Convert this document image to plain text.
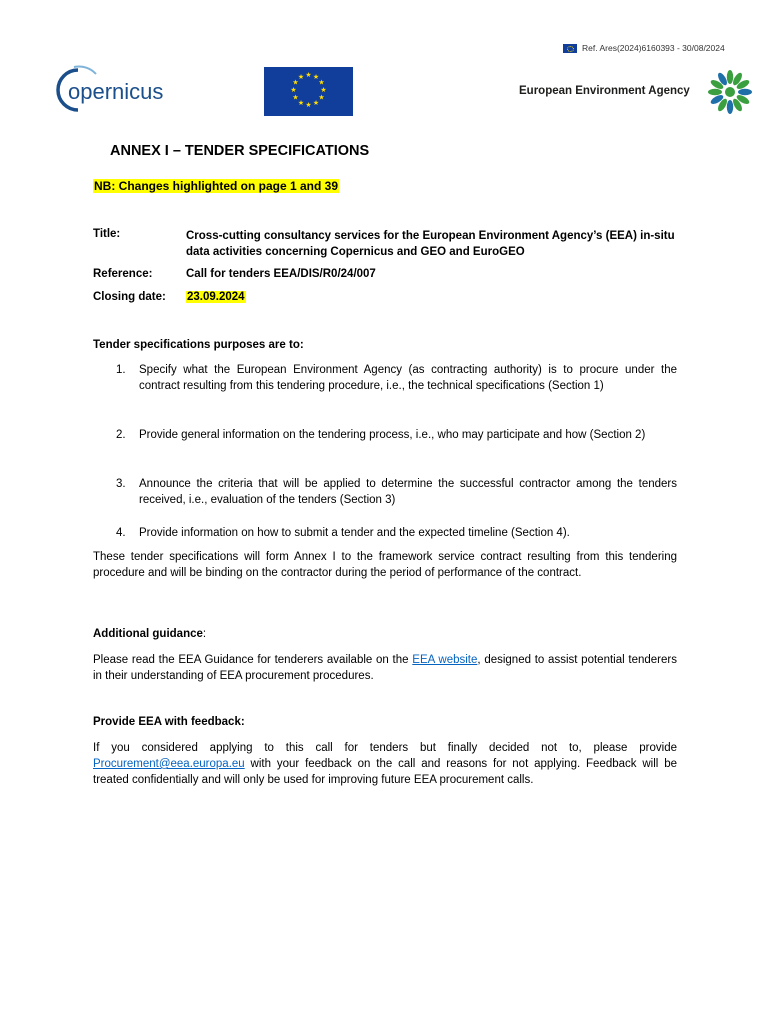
Ref. Ares(2024)6160393 - 30/08/2024
opernicus
★ ★
★
★
★
★
★
★
★
★
★
★
European Environment Agency
ANNEX I – TENDER SPECIFICATIONS
NB: Changes highlighted on page 1 and 39
Title:	Cross-cutting consultancy services for the European Environment Agency’s (EEA) in-situ data activities concerning Copernicus and GEO and EuroGEO
Reference:	Call for tenders EEA/DIS/R0/24/007
Closing date: 23.09.2024
Tender specifications purposes are to:
1.	Specify what the European Environment Agency (as contracting authority) is to procure under the contract resulting from this tendering procedure, i.e., the technical specifications (Section 1)
2.	Provide general information on the tendering process, i.e., who may participate and how (Section 2)
3.	Announce the criteria that will be applied to determine the successful contractor among the tenders received, i.e., evaluation of the tenders (Section 3)
4.	Provide information on how to submit a tender and the expected timeline (Section 4).
These tender specifications will form Annex I to the framework service contract resulting from this tendering procedure and will be binding on the contractor during the period of performance of the contract.
Additional guidance:
Please read the EEA Guidance for tenderers available on the EEA website, designed to assist potential tenderers in their understanding of EEA procurement procedures.
Provide EEA with feedback:
If you considered applying to this call for tenders but finally decided not to, please provide Procurement@eea.europa.eu with your feedback on the call and reasons for not applying. Feedback will be treated confidentially and will only be used for improving future EEA procurement calls.
